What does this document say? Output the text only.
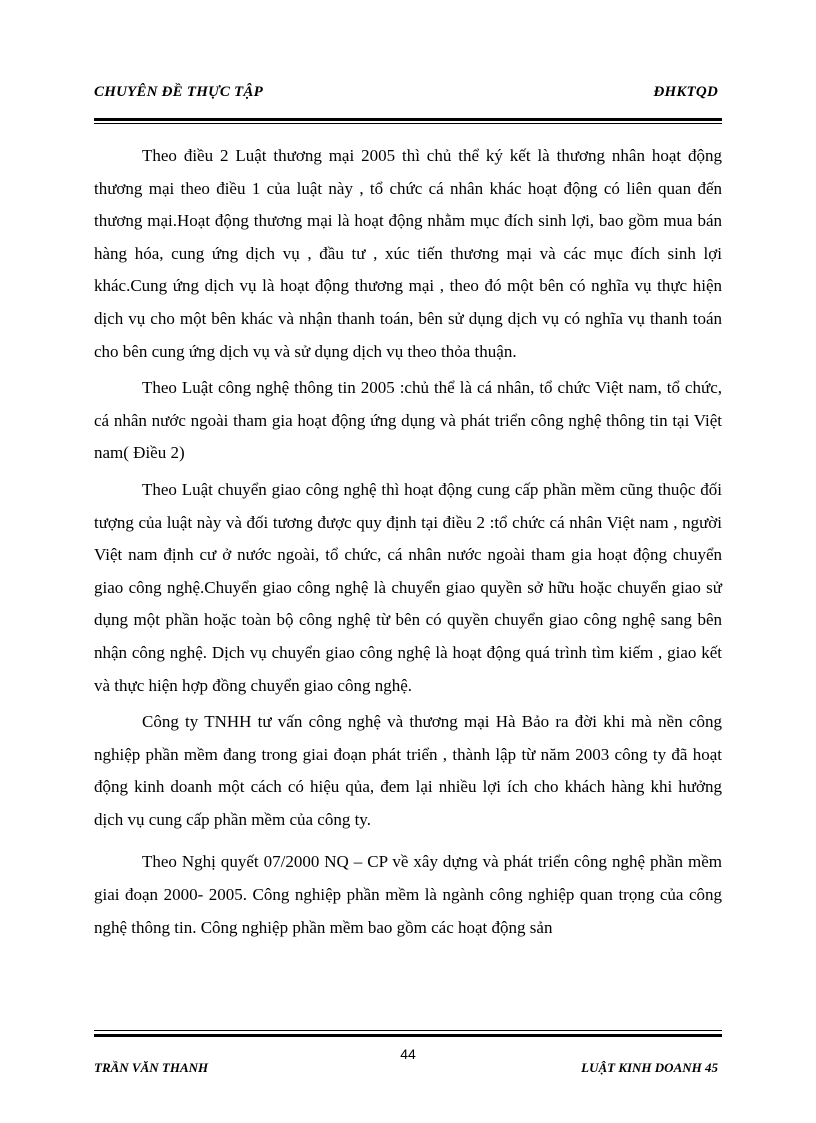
CHUYÊN ĐỀ THỰC TẬP	ĐHKTQD

Theo điều 2 Luật thương mại 2005 thì chủ thể ký kết là thương nhân hoạt động thương mại theo điều 1 của luật này , tổ chức cá nhân khác hoạt động có liên quan đến thương mại.Hoạt động thương mại là hoạt động nhằm mục đích sinh lợi, bao gồm mua bán hàng hóa, cung ứng dịch vụ , đầu tư , xúc tiến thương mại và các mục đích sinh lợi khác.Cung ứng dịch vụ là hoạt động thương mại , theo đó một bên có nghĩa vụ thực hiện dịch vụ cho một bên khác và nhận thanh toán, bên sử dụng dịch vụ có nghĩa vụ thanh toán cho bên cung ứng dịch vụ và sử dụng dịch vụ theo thỏa thuận.

Theo Luật công nghệ thông tin 2005 :chủ thể là cá nhân, tổ chức Việt nam, tổ chức, cá nhân nước ngoài tham gia hoạt động ứng dụng và phát triển công nghệ thông tin tại Việt nam( Điều 2)

Theo Luật chuyển giao công nghệ thì hoạt động cung cấp phần mềm cũng thuộc đối tượng của luật này và đối tương được quy định tại điều 2 :tổ chức cá nhân Việt nam , người Việt nam định cư ở nước ngoài, tổ chức, cá nhân nước ngoài tham gia hoạt động chuyển giao công nghệ.Chuyển giao công nghệ là chuyển giao quyền sở hữu hoặc chuyển giao sử dụng một phần hoặc toàn bộ công nghệ từ bên có quyền chuyển giao công nghệ sang bên nhận công nghệ. Dịch vụ chuyển giao công nghệ là hoạt động quá trình tìm kiếm , giao kết và thực hiện hợp đồng chuyển giao công nghệ.

Công ty TNHH tư vấn công nghệ và thương mại Hà Bảo ra đời khi mà nền công nghiệp phần mềm đang trong giai đoạn phát triển , thành lập từ năm 2003 công ty đã hoạt động kinh doanh một cách có hiệu qủa, đem lại nhiều lợi ích cho khách hàng khi hưởng dịch vụ cung cấp phần mềm của công ty.

Theo Nghị quyết 07/2000 NQ – CP về xây dựng và phát triển công nghệ phần mềm giai đoạn 2000- 2005. Công nghiệp phần mềm là ngành công nghiệp quan trọng của công nghệ thông tin. Công nghiệp phần mềm bao gồm các hoạt động sản

44
TRẦN VĂN THANH	LUẬT KINH DOANH 45
